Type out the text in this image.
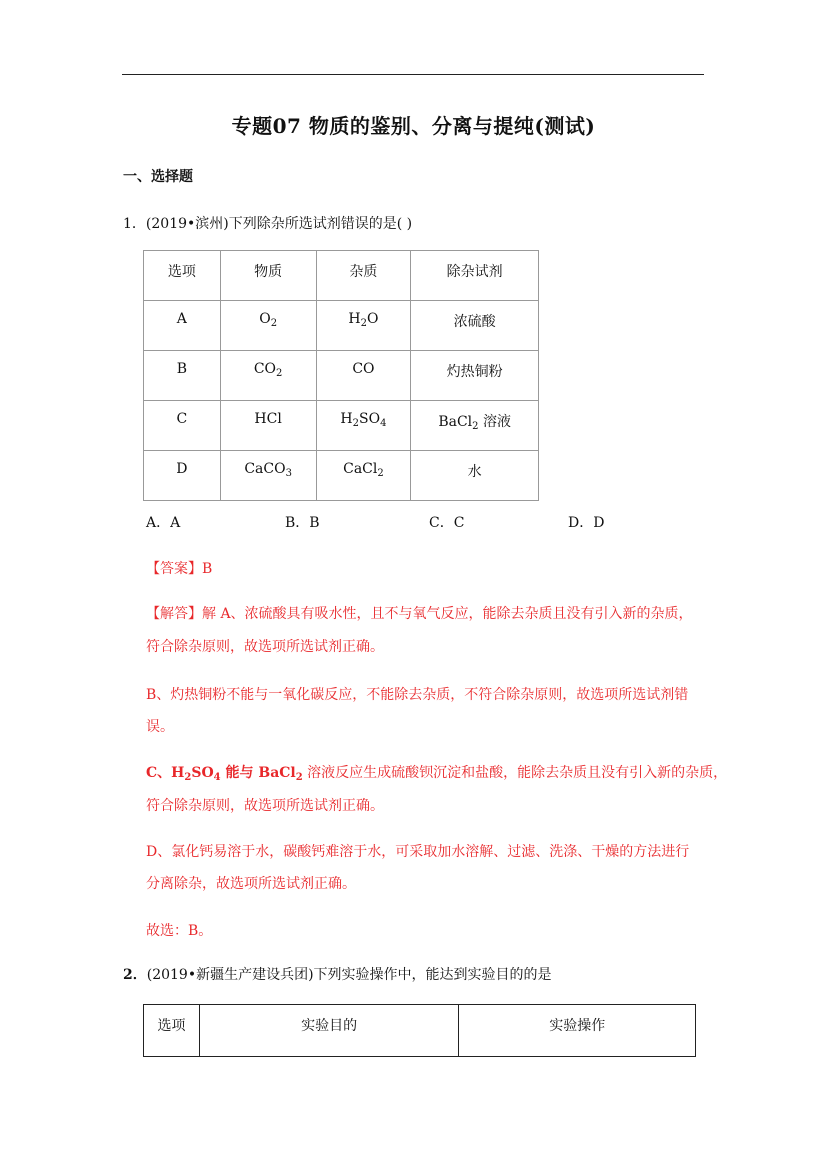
专题07 物质的鉴别、分离与提纯(测试)
一、选择题
1．(2019•滨州)下列除杂所选试剂错误的是( )
选项	物质	杂质	除杂试剂
A	$O_2$	$H_2O$	浓硫酸
B	$CO_2$	CO	灼热铜粉
C	HCl	$H_2SO_4$	BaCl$_2$ 溶液
D	CaCO$_3$	CaCl$_2$	水
A．A	B．B	C．C	D．D
【答案】B
【解答】解 A、浓硫酸具有吸水性，且不与氧气反应，能除去杂质且没有引入新的杂质，
符合除杂原则，故选项所选试剂正确。
B、灼热铜粉不能与一氧化碳反应，不能除去杂质，不符合除杂原则，故选项所选试剂错
误。
C、$H_2SO_4$ 能与 BaCl$_2$ 溶液反应生成硫酸钡沉淀和盐酸，能除去杂质且没有引入新的杂质，
符合除杂原则，故选项所选试剂正确。
D、氯化钙易溶于水，碳酸钙难溶于水，可采取加水溶解、过滤、洗涤、干燥的方法进行
分离除杂，故选项所选试剂正确。
故选：B。
2．(2019•新疆生产建设兵团)下列实验操作中，能达到实验目的的是
选项	实验目的	实验操作
